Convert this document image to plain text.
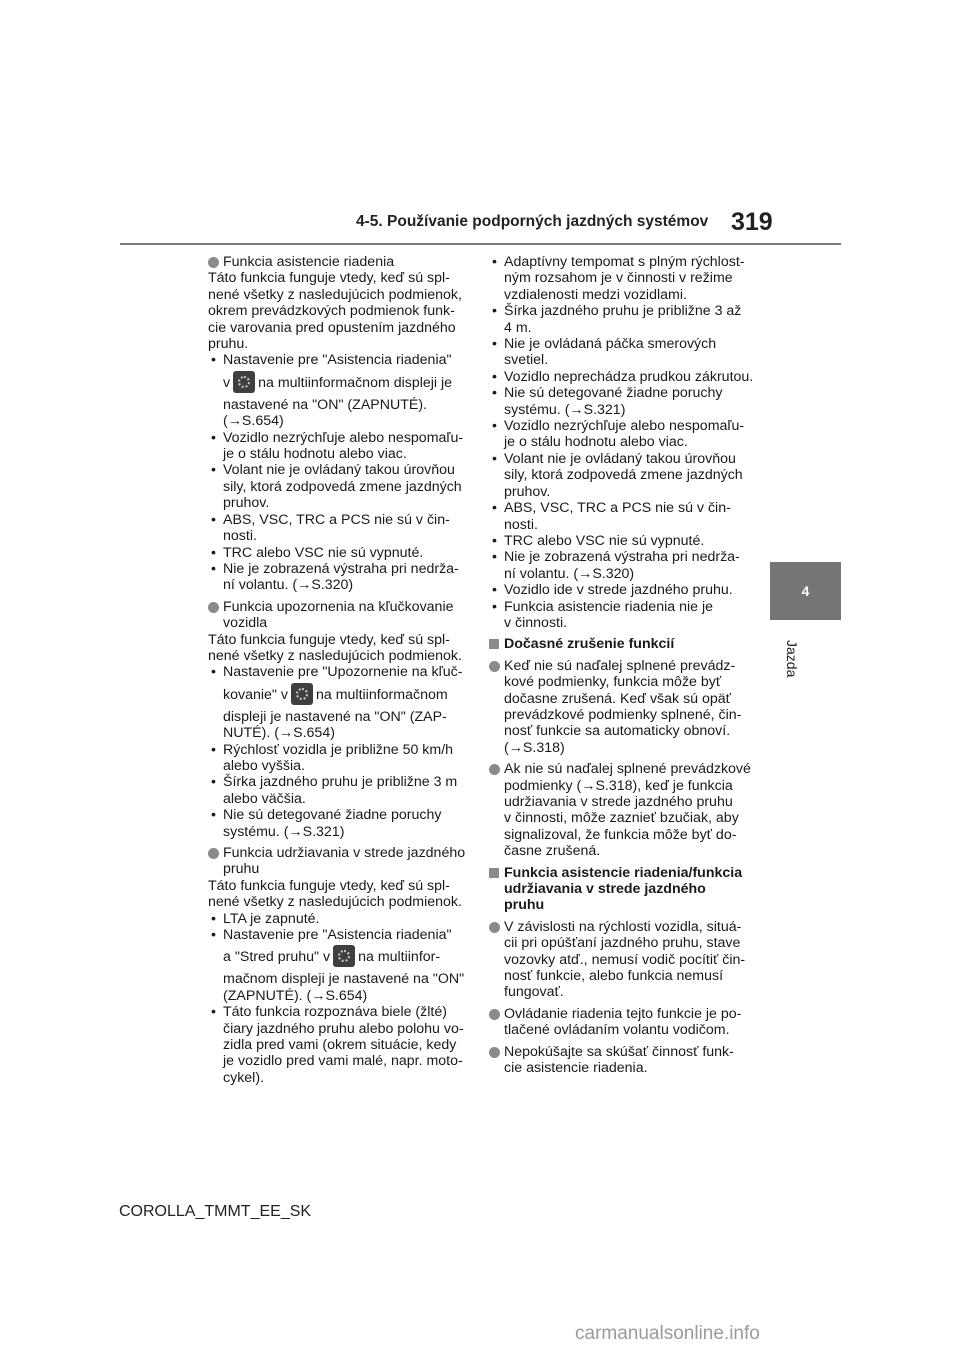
4-5. Používanie podporných jazdných systémov 319
4
Jazda
Funkcia asistencie riadenia
Táto funkcia funguje vtedy, keď sú spl-
nené všetky z nasledujúcich podmienok,
okrem prevádzkových podmienok funk-
cie varovania pred opustením jazdného
pruhu.
• Nastavenie pre "Asistencia riadenia"
v na multiinformačnom displeji je
nastavené na "ON" (ZAPNUTÉ).
(→S.654)
• Vozidlo nezrýchľuje alebo nespomaľu-
je o stálu hodnotu alebo viac.
• Volant nie je ovládaný takou úrovňou
sily, ktorá zodpovedá zmene jazdných
pruhov.
• ABS, VSC, TRC a PCS nie sú v čin-
nosti.
• TRC alebo VSC nie sú vypnuté.
• Nie je zobrazená výstraha pri nedrža-
ní volantu. (→S.320)
Funkcia upozornenia na kľučkovanie
vozidla
Táto funkcia funguje vtedy, keď sú spl-
nené všetky z nasledujúcich podmienok.
• Nastavenie pre "Upozornenie na kľuč-
kovanie" v na multiinformačnom
displeji je nastavené na "ON" (ZAP-
NUTÉ). (→S.654)
• Rýchlosť vozidla je približne 50 km/h
alebo vyššia.
• Šírka jazdného pruhu je približne 3 m
alebo väčšia.
• Nie sú detegované žiadne poruchy
systému. (→S.321)
Funkcia udržiavania v strede jazdného
pruhu
Táto funkcia funguje vtedy, keď sú spl-
nené všetky z nasledujúcich podmienok.
• LTA je zapnuté.
• Nastavenie pre "Asistencia riadenia"
a "Stred pruhu" v na multiinfor-
mačnom displeji je nastavené na "ON"
(ZAPNUTÉ). (→S.654)
• Táto funkcia rozpoznáva biele (žlté)
čiary jazdného pruhu alebo polohu vo-
zidla pred vami (okrem situácie, kedy
je vozidlo pred vami malé, napr. moto-
cykel).
• Adaptívny tempomat s plným rýchlost-
ným rozsahom je v činnosti v režime
vzdialenosti medzi vozidlami.
• Šírka jazdného pruhu je približne 3 až
4 m.
• Nie je ovládaná páčka smerových
svetiel.
• Vozidlo neprechádza prudkou zákrutou.
• Nie sú detegované žiadne poruchy
systému. (→S.321)
• Vozidlo nezrýchľuje alebo nespomaľu-
je o stálu hodnotu alebo viac.
• Volant nie je ovládaný takou úrovňou
sily, ktorá zodpovedá zmene jazdných
pruhov.
• ABS, VSC, TRC a PCS nie sú v čin-
nosti.
• TRC alebo VSC nie sú vypnuté.
• Nie je zobrazená výstraha pri nedrža-
ní volantu. (→S.320)
• Vozidlo ide v strede jazdného pruhu.
• Funkcia asistencie riadenia nie je
v činnosti.
Dočasné zrušenie funkcií
Keď nie sú naďalej splnené prevádz-
kové podmienky, funkcia môže byť
dočasne zrušená. Keď však sú opäť
prevádzkové podmienky splnené, čin-
nosť funkcie sa automaticky obnoví.
(→S.318)
Ak nie sú naďalej splnené prevádzkové
podmienky (→S.318), keď je funkcia
udržiavania v strede jazdného pruhu
v činnosti, môže zaznieť bzučiak, aby
signalizoval, že funkcia môže byť do-
časne zrušená.
Funkcia asistencie riadenia/funkcia
udržiavania v strede jazdného
pruhu
V závislosti na rýchlosti vozidla, situá-
cii pri opúšťaní jazdného pruhu, stave
vozovky atď., nemusí vodič pocítiť čin-
nosť funkcie, alebo funkcia nemusí
fungovať.
Ovládanie riadenia tejto funkcie je po-
tlačené ovládaním volantu vodičom.
Nepokúšajte sa skúšať činnosť funk-
cie asistencie riadenia.
COROLLA_TMMT_EE_SK
carmanualsonline.info
